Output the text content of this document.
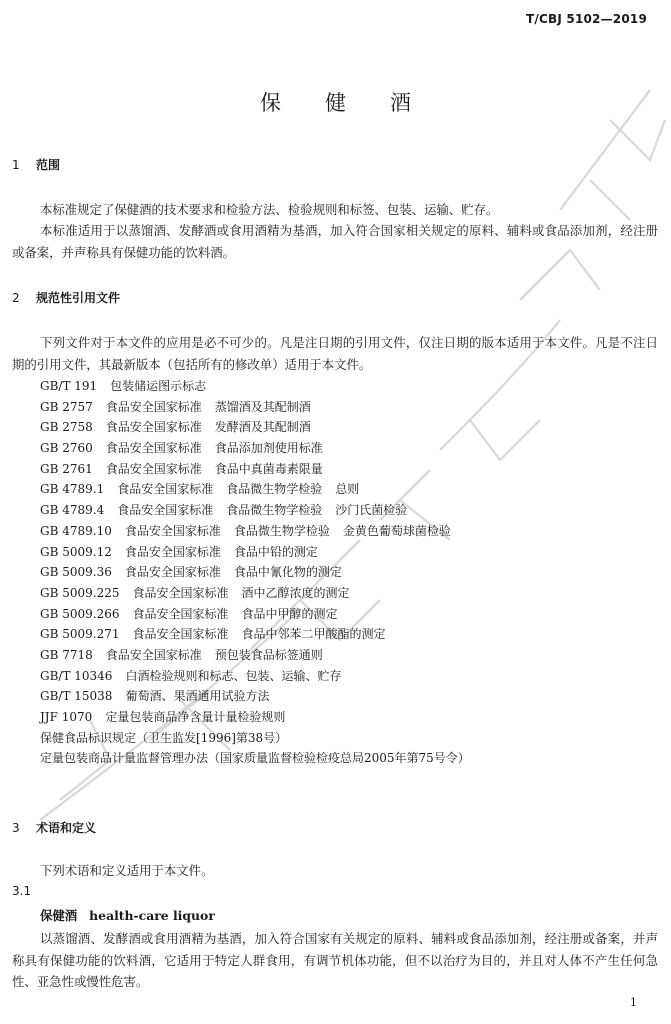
T/CBJ 5102—2019
保健酒
1 范围
本标准规定了保健酒的技术要求和检验方法、检验规则和标签、包装、运输、贮存。
本标准适用于以蒸馏酒、发酵酒或食用酒精为基酒，加入符合国家相关规定的原料、辅料或食品添加剂，经注册或备案，并声称具有保健功能的饮料酒。
2 规范性引用文件
下列文件对于本文件的应用是必不可少的。凡是注日期的引用文件，仅注日期的版本适用于本文件。凡是不注日期的引用文件，其最新版本（包括所有的修改单）适用于本文件。
GB/T 191 包装储运图示标志
GB 2757 食品安全国家标准 蒸馏酒及其配制酒
GB 2758 食品安全国家标准 发酵酒及其配制酒
GB 2760 食品安全国家标准 食品添加剂使用标准
GB 2761 食品安全国家标准 食品中真菌毒素限量
GB 4789.1 食品安全国家标准 食品微生物学检验 总则
GB 4789.4 食品安全国家标准 食品微生物学检验 沙门氏菌检验
GB 4789.10 食品安全国家标准 食品微生物学检验 金黄色葡萄球菌检验
GB 5009.12 食品安全国家标准 食品中铅的测定
GB 5009.36 食品安全国家标准 食品中氰化物的测定
GB 5009.225 食品安全国家标准 酒中乙醇浓度的测定
GB 5009.266 食品安全国家标准 食品中甲醇的测定
GB 5009.271 食品安全国家标准 食品中邻苯二甲酸酯的测定
GB 7718 食品安全国家标准 预包装食品标签通则
GB/T 10346 白酒检验规则和标志、包装、运输、贮存
GB/T 15038 葡萄酒、果酒通用试验方法
JJF 1070 定量包装商品净含量计量检验规则
保健食品标识规定（卫生监发[1996]第38号）
定量包装商品计量监督管理办法（国家质量监督检验检疫总局2005年第75号令）
3 术语和定义
下列术语和定义适用于本文件。
3.1
保健酒 health-care liquor
以蒸馏酒、发酵酒或食用酒精为基酒，加入符合国家有关规定的原料、辅料或食品添加剂，经注册或备案，并声称具有保健功能的饮料酒，它适用于特定人群食用，有调节机体功能，但不以治疗为目的，并且对人体不产生任何急性、亚急性或慢性危害。
1
